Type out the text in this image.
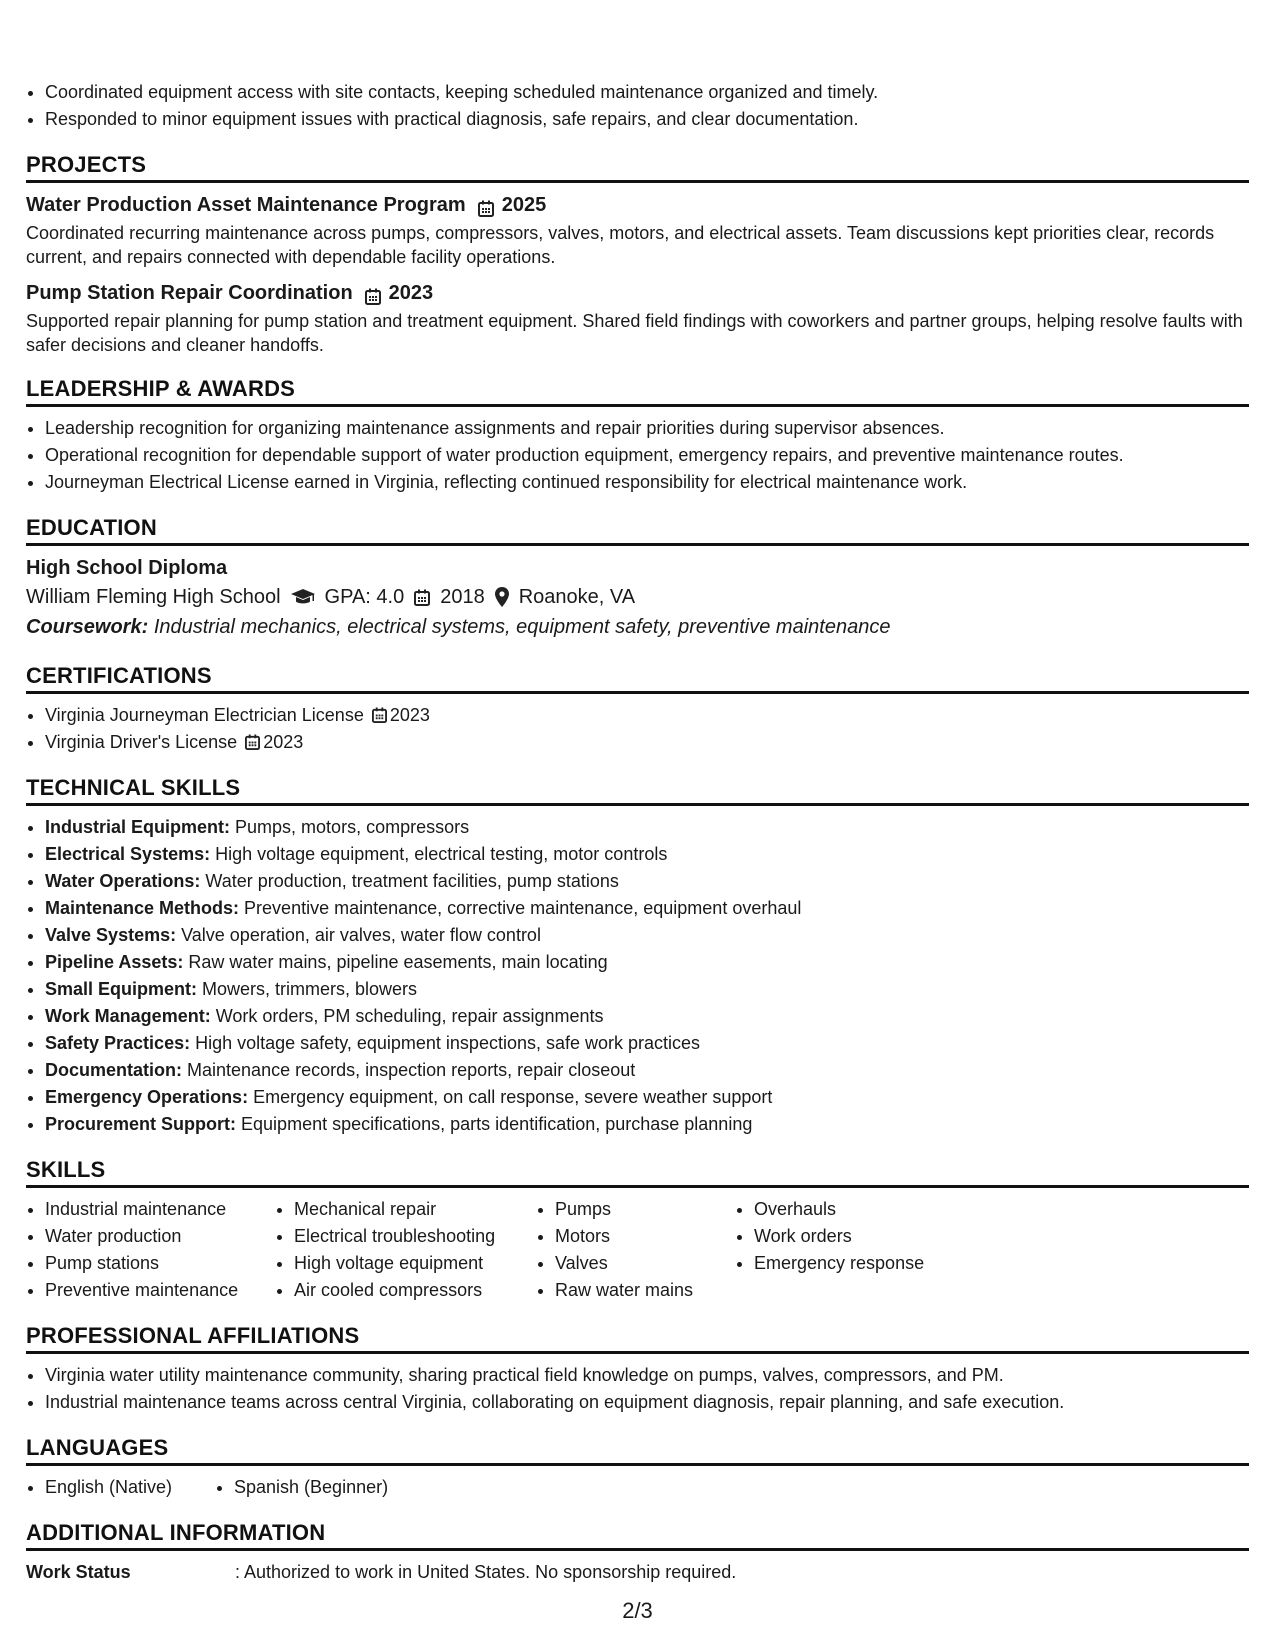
• Coordinated equipment access with site contacts, keeping scheduled maintenance organized and timely.
• Responded to minor equipment issues with practical diagnosis, safe repairs, and clear documentation.
PROJECTS
Water Production Asset Maintenance Program 2025
Coordinated recurring maintenance across pumps, compressors, valves, motors, and electrical assets. Team discussions kept priorities clear, records current, and repairs connected with dependable facility operations.
Pump Station Repair Coordination 2023
Supported repair planning for pump station and treatment equipment. Shared field findings with coworkers and partner groups, helping resolve faults with safer decisions and cleaner handoffs.
LEADERSHIP & AWARDS
• Leadership recognition for organizing maintenance assignments and repair priorities during supervisor absences.
• Operational recognition for dependable support of water production equipment, emergency repairs, and preventive maintenance routes.
• Journeyman Electrical License earned in Virginia, reflecting continued responsibility for electrical maintenance work.
EDUCATION
High School Diploma
William Fleming High School GPA: 4.0 2018 Roanoke, VA
Coursework: Industrial mechanics, electrical systems, equipment safety, preventive maintenance
CERTIFICATIONS
• Virginia Journeyman Electrician License 2023
• Virginia Driver's License 2023
TECHNICAL SKILLS
• Industrial Equipment: Pumps, motors, compressors
• Electrical Systems: High voltage equipment, electrical testing, motor controls
• Water Operations: Water production, treatment facilities, pump stations
• Maintenance Methods: Preventive maintenance, corrective maintenance, equipment overhaul
• Valve Systems: Valve operation, air valves, water flow control
• Pipeline Assets: Raw water mains, pipeline easements, main locating
• Small Equipment: Mowers, trimmers, blowers
• Work Management: Work orders, PM scheduling, repair assignments
• Safety Practices: High voltage safety, equipment inspections, safe work practices
• Documentation: Maintenance records, inspection reports, repair closeout
• Emergency Operations: Emergency equipment, on call response, severe weather support
• Procurement Support: Equipment specifications, parts identification, purchase planning
SKILLS
• Industrial maintenance
• Water production
• Pump stations
• Preventive maintenance
• Mechanical repair
• Electrical troubleshooting
• High voltage equipment
• Air cooled compressors
• Pumps
• Motors
• Valves
• Raw water mains
• Overhauls
• Work orders
• Emergency response
PROFESSIONAL AFFILIATIONS
• Virginia water utility maintenance community, sharing practical field knowledge on pumps, valves, compressors, and PM.
• Industrial maintenance teams across central Virginia, collaborating on equipment diagnosis, repair planning, and safe execution.
LANGUAGES
• English (Native)
•	Spanish (Beginner)
ADDITIONAL INFORMATION
Work Status	: Authorized to work in United States. No sponsorship required.
2/3
